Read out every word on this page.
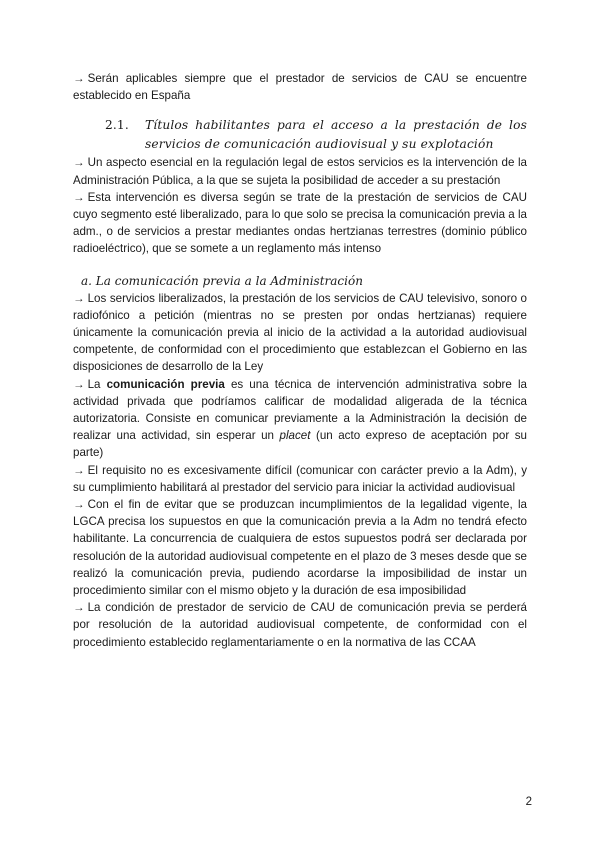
→ Serán aplicables siempre que el prestador de servicios de CAU se encuentre establecido en España

2.1.	Títulos habilitantes para el acceso a la prestación de los servicios de comunicación audiovisual y su explotación

→ Un aspecto esencial en la regulación legal de estos servicios es la intervención de la Administración Pública, a la que se sujeta la posibilidad de acceder a su prestación

→ Esta intervención es diversa según se trate de la prestación de servicios de CAU cuyo segmento esté liberalizado, para lo que solo se precisa la comunicación previa a la adm., o de servicios a prestar mediantes ondas hertzianas terrestres (dominio público radioeléctrico), que se somete a un reglamento más intenso

a. La comunicación previa a la Administración

→ Los servicios liberalizados, la prestación de los servicios de CAU televisivo, sonoro o radiofónico a petición (mientras no se presten por ondas hertzianas) requiere únicamente la comunicación previa al inicio de la actividad a la autoridad audiovisual competente, de conformidad con el procedimiento que establezcan el Gobierno en las disposiciones de desarrollo de la Ley

→ La comunicación previa es una técnica de intervención administrativa sobre la actividad privada que podríamos calificar de modalidad aligerada de la técnica autorizatoria. Consiste en comunicar previamente a la Administración la decisión de realizar una actividad, sin esperar un placet (un acto expreso de aceptación por su parte)

→ El requisito no es excesivamente difícil (comunicar con carácter previo a la Adm), y su cumplimiento habilitará al prestador del servicio para iniciar la actividad audiovisual

→ Con el fin de evitar que se produzcan incumplimientos de la legalidad vigente, la LGCA precisa los supuestos en que la comunicación previa a la Adm no tendrá efecto habilitante. La concurrencia de cualquiera de estos supuestos podrá ser declarada por resolución de la autoridad audiovisual competente en el plazo de 3 meses desde que se realizó la comunicación previa, pudiendo acordarse la imposibilidad de instar un procedimiento similar con el mismo objeto y la duración de esa imposibilidad

→ La condición de prestador de servicio de CAU de comunicación previa se perderá por resolución de la autoridad audiovisual competente, de conformidad con el procedimiento establecido reglamentariamente o en la normativa de las CCAA

2
